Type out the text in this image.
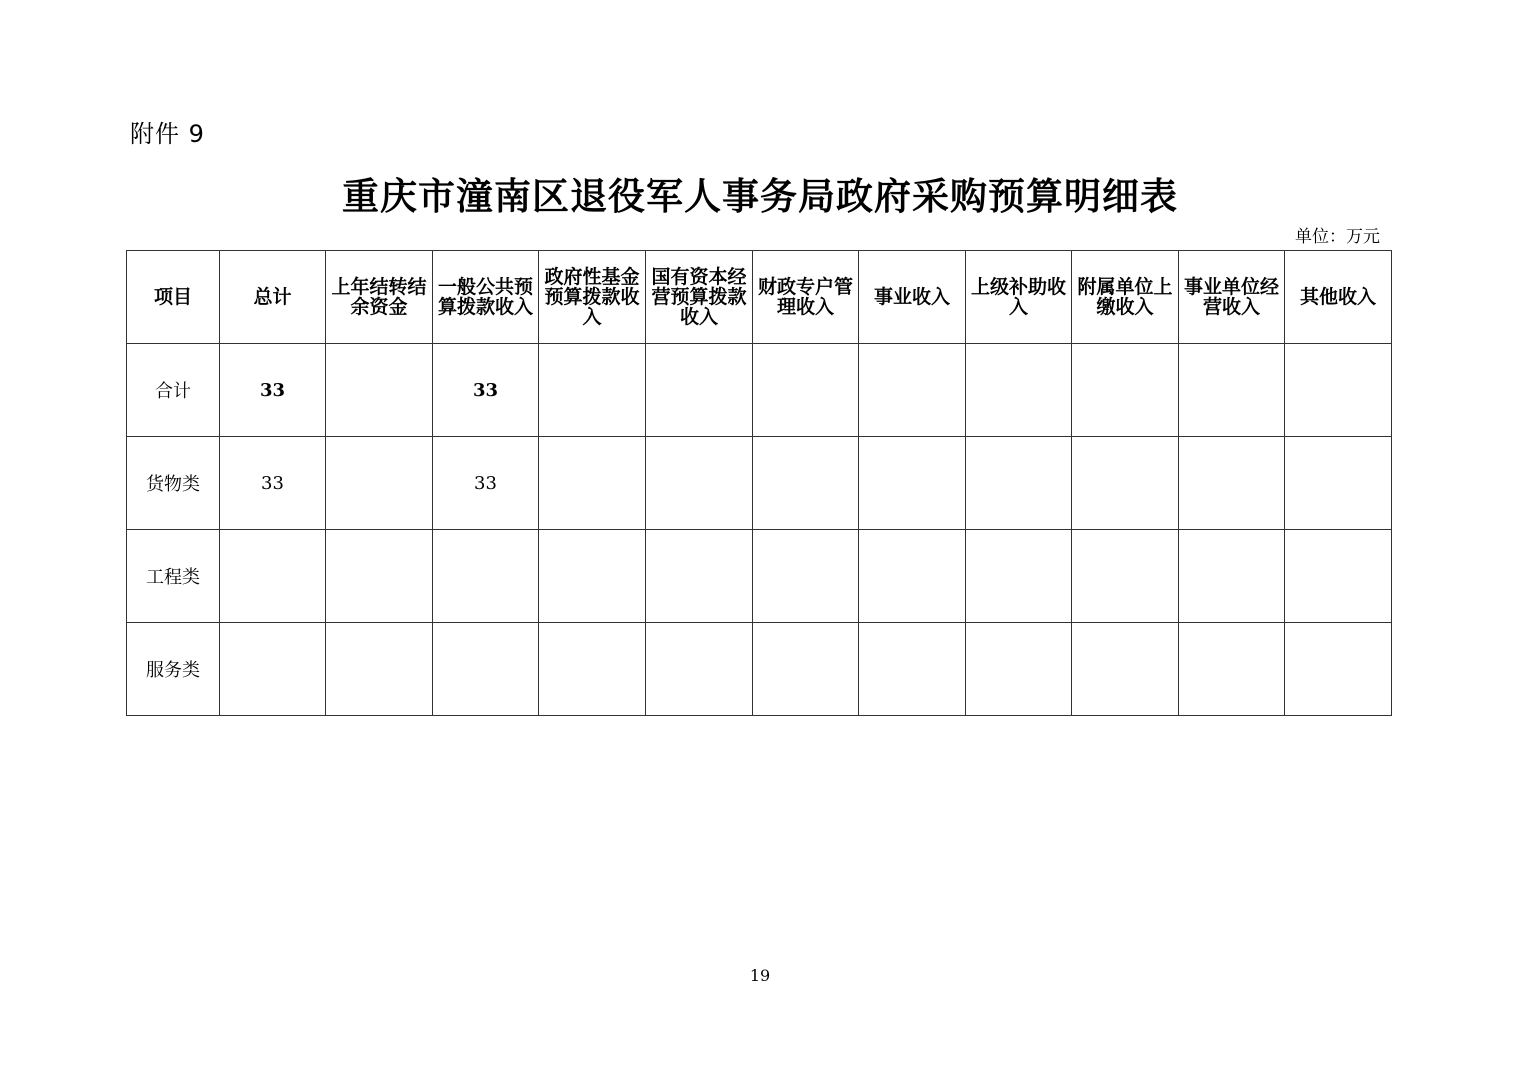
附件 9
重庆市潼南区退役军人事务局政府采购预算明细表
单位：万元
项目	总计	上年结转结余资金	一般公共预算拨款收入	政府性基金预算拨款收入	国有资本经营预算拨款收入	财政专户管理收入	事业收入	上级补助收入	附属单位上缴收入	事业单位经营收入	其他收入
合计	33		33								
货物类	33		33								
工程类											
服务类											
19
